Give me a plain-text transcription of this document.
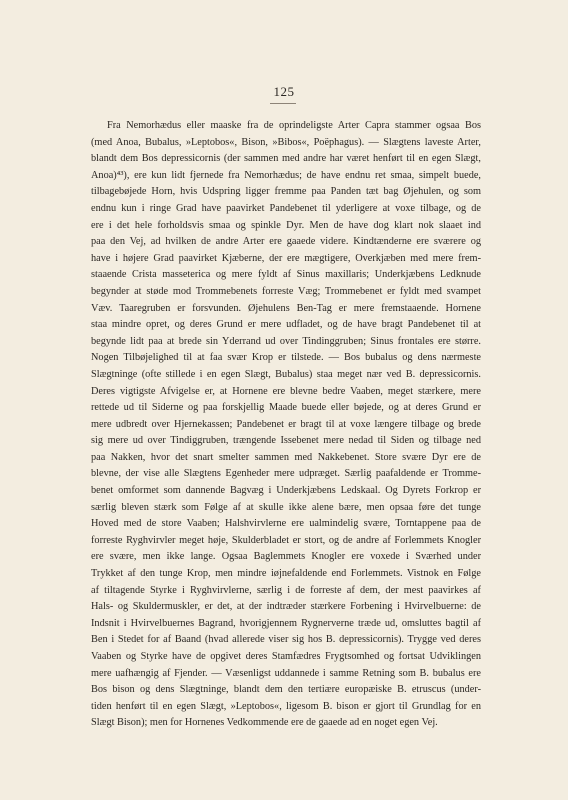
125
Fra Nemorhædus eller maaske fra de oprindeligste Arter Capra stammer ogsaa Bos
(med Anoa, Bubalus, »Leptobos«, Bison, »Bibos«, Poëphagus). — Slægtens laveste Arter,
blandt dem Bos depressicornis (der sammen med andre har været henført til en egen Slægt,
Anoa)⁴³), ere kun lidt fjernede fra Nemorhædus; de have endnu ret smaa, simpelt buede,
tilbagebøjede Horn, hvis Udspring ligger fremme paa Panden tæt bag Øjehulen, og som
endnu kun i ringe Grad have paavirket Pandebenet til yderligere at voxe tilbage, og de
ere i det hele forholdsvis smaa og spinkle Dyr. Men de have dog klart nok slaaet ind
paa den Vej, ad hvilken de andre Arter ere gaaede videre. Kindtænderne ere sværere og
have i højere Grad paavirket Kjæberne, der ere mægtigere, Overkjæben med mere frem-
staaende Crista masseterica og mere fyldt af Sinus maxillaris; Underkjæbens Ledknude
begynder at støde mod Trommebenets forreste Væg; Trommebenet er fyldt med svampet
Væv. Taaregruben er forsvunden. Øjehulens Ben-Tag er mere fremstaaende. Hornene
staa mindre opret, og deres Grund er mere udfladet, og de have bragt Pandebenet til at
begynde lidt paa at brede sin Yderrand ud over Tindinggruben; Sinus frontales ere større.
Nogen Tilbøjelighed til at faa svær Krop er tilstede. — Bos bubalus og dens nærmeste
Slægtninge (ofte stillede i en egen Slægt, Bubalus) staa meget nær ved B. depressicornis.
Deres vigtigste Afvigelse er, at Hornene ere blevne bedre Vaaben, meget stærkere, mere
rettede ud til Siderne og paa forskjellig Maade buede eller bøjede, og at deres Grund er
mere udbredt over Hjernekassen; Pandebenet er bragt til at voxe længere tilbage og brede
sig mere ud over Tindiggruben, trængende Issebenet mere nedad til Siden og tilbage ned
paa Nakken, hvor det snart smelter sammen med Nakkebenet. Store svære Dyr ere de
blevne, der vise alle Slægtens Egenheder mere udpræget. Særlig paafaldende er Tromme-
benet omformet som dannende Bagvæg i Underkjæbens Ledskaal. Og Dyrets Forkrop er
særlig bleven stærk som Følge af at skulle ikke alene bære, men opsaa føre det tunge
Hoved med de store Vaaben; Halshvirvlerne ere ualmindelig svære, Torntappene paa de
forreste Ryghvirvler meget høje, Skulderbladet er stort, og de andre af Forlemmets Knogler
ere svære, men ikke lange. Ogsaa Baglemmets Knogler ere voxede i Sværhed under
Trykket af den tunge Krop, men mindre iøjnefaldende end Forlemmets. Vistnok en Følge
af tiltagende Styrke i Ryghvirvlerne, særlig i de forreste af dem, der mest paavirkes af
Hals- og Skuldermuskler, er det, at der indtræder stærkere Forbening i Hvirvelbuerne: de
Indsnit i Hvirvelbuernes Bagrand, hvorigjennem Rygnerverne træde ud, omsluttes bagtil af
Ben i Stedet for af Baand (hvad allerede viser sig hos B. depressicornis). Trygge ved deres
Vaaben og Styrke have de opgivet deres Stamfædres Frygtsomhed og fortsat Udviklingen
mere uafhængig af Fjender. — Væsenligst uddannede i samme Retning som B. bubalus ere
Bos bison og dens Slægtninge, blandt dem den tertiære europæiske B. etruscus (under-
tiden henført til en egen Slægt, »Leptobos«, ligesom B. bison er gjort til Grundlag for en
Slægt Bison); men for Hornenes Vedkommende ere de gaaede ad en noget egen Vej.
